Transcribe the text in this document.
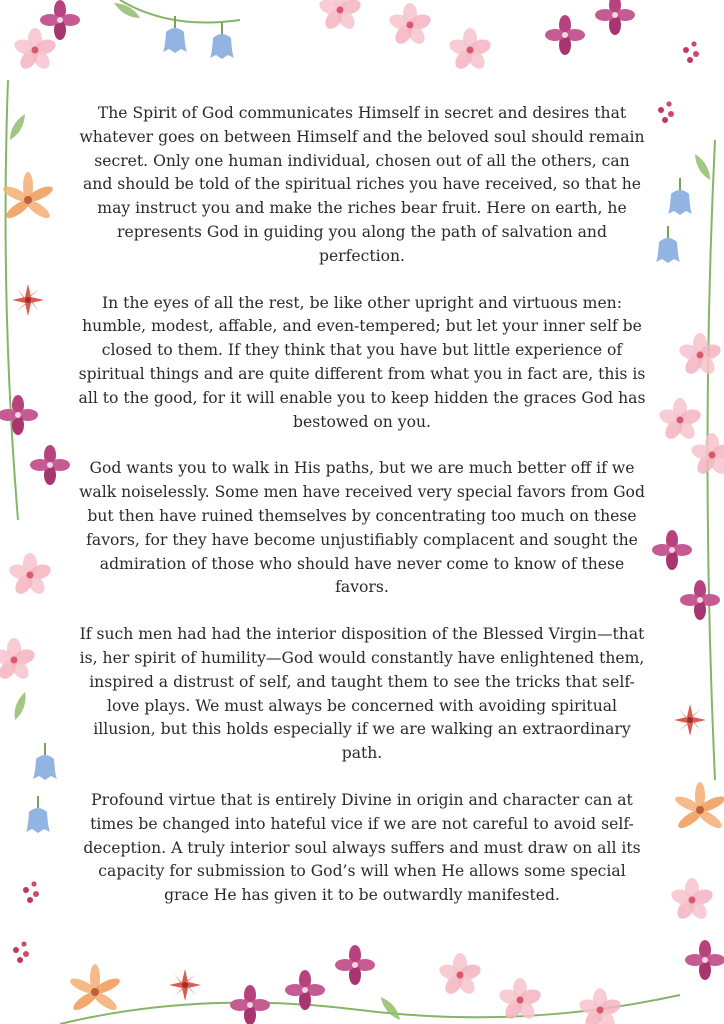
The Spirit of God communicates Himself in secret and desires that whatever goes on between Himself and the beloved soul should remain secret. Only one human individual, chosen out of all the others, can and should be told of the spiritual riches you have received, so that he may instruct you and make the riches bear fruit. Here on earth, he represents God in guiding you along the path of salvation and perfection.

In the eyes of all the rest, be like other upright and virtuous men: humble, modest, affable, and even-tempered; but let your inner self be closed to them. If they think that you have but little experience of spiritual things and are quite different from what you in fact are, this is all to the good, for it will enable you to keep hidden the graces God has bestowed on you.

God wants you to walk in His paths, but we are much better off if we walk noiselessly. Some men have received very special favors from God but then have ruined themselves by concentrating too much on these favors, for they have become unjustifiably complacent and sought the admiration of those who should have never come to know of these favors.

If such men had had the interior disposition of the Blessed Virgin—that is, her spirit of humility—God would constantly have enlightened them, inspired a distrust of self, and taught them to see the tricks that self-love plays. We must always be concerned with avoiding spiritual illusion, but this holds especially if we are walking an extraordinary path.

Profound virtue that is entirely Divine in origin and character can at times be changed into hateful vice if we are not careful to avoid self-deception. A truly interior soul always suffers and must draw on all its capacity for submission to God’s will when He allows some special grace He has given it to be outwardly manifested.
